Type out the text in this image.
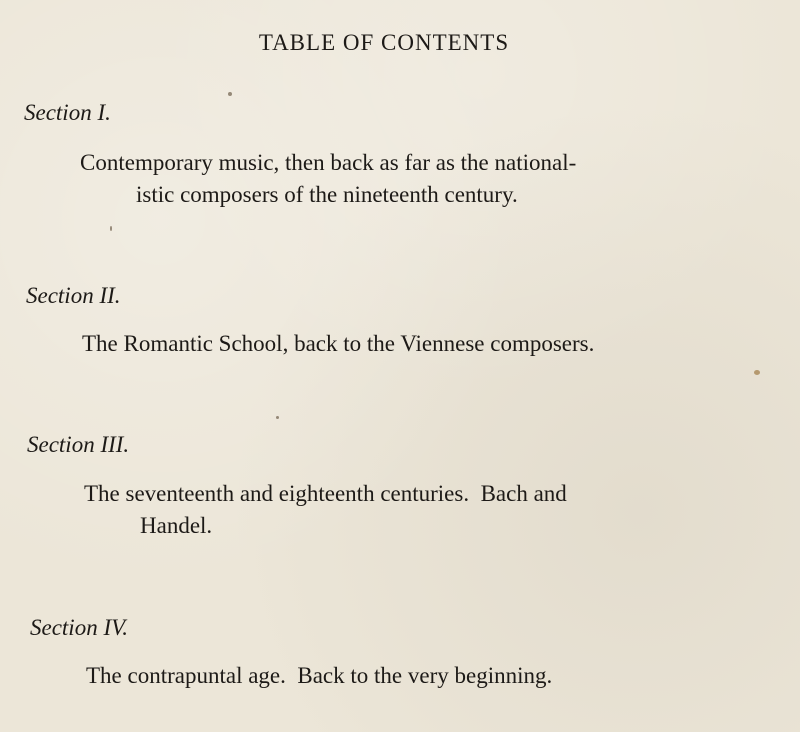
TABLE OF CONTENTS
Section I.

Contemporary music, then back as far as the national-
istic composers of the nineteenth century.

Section II.

The Romantic School, back to the Viennese composers.

Section III.

The seventeenth and eighteenth centuries.  Bach and
Handel.

Section IV.

The contrapuntal age.  Back to the very beginning.
